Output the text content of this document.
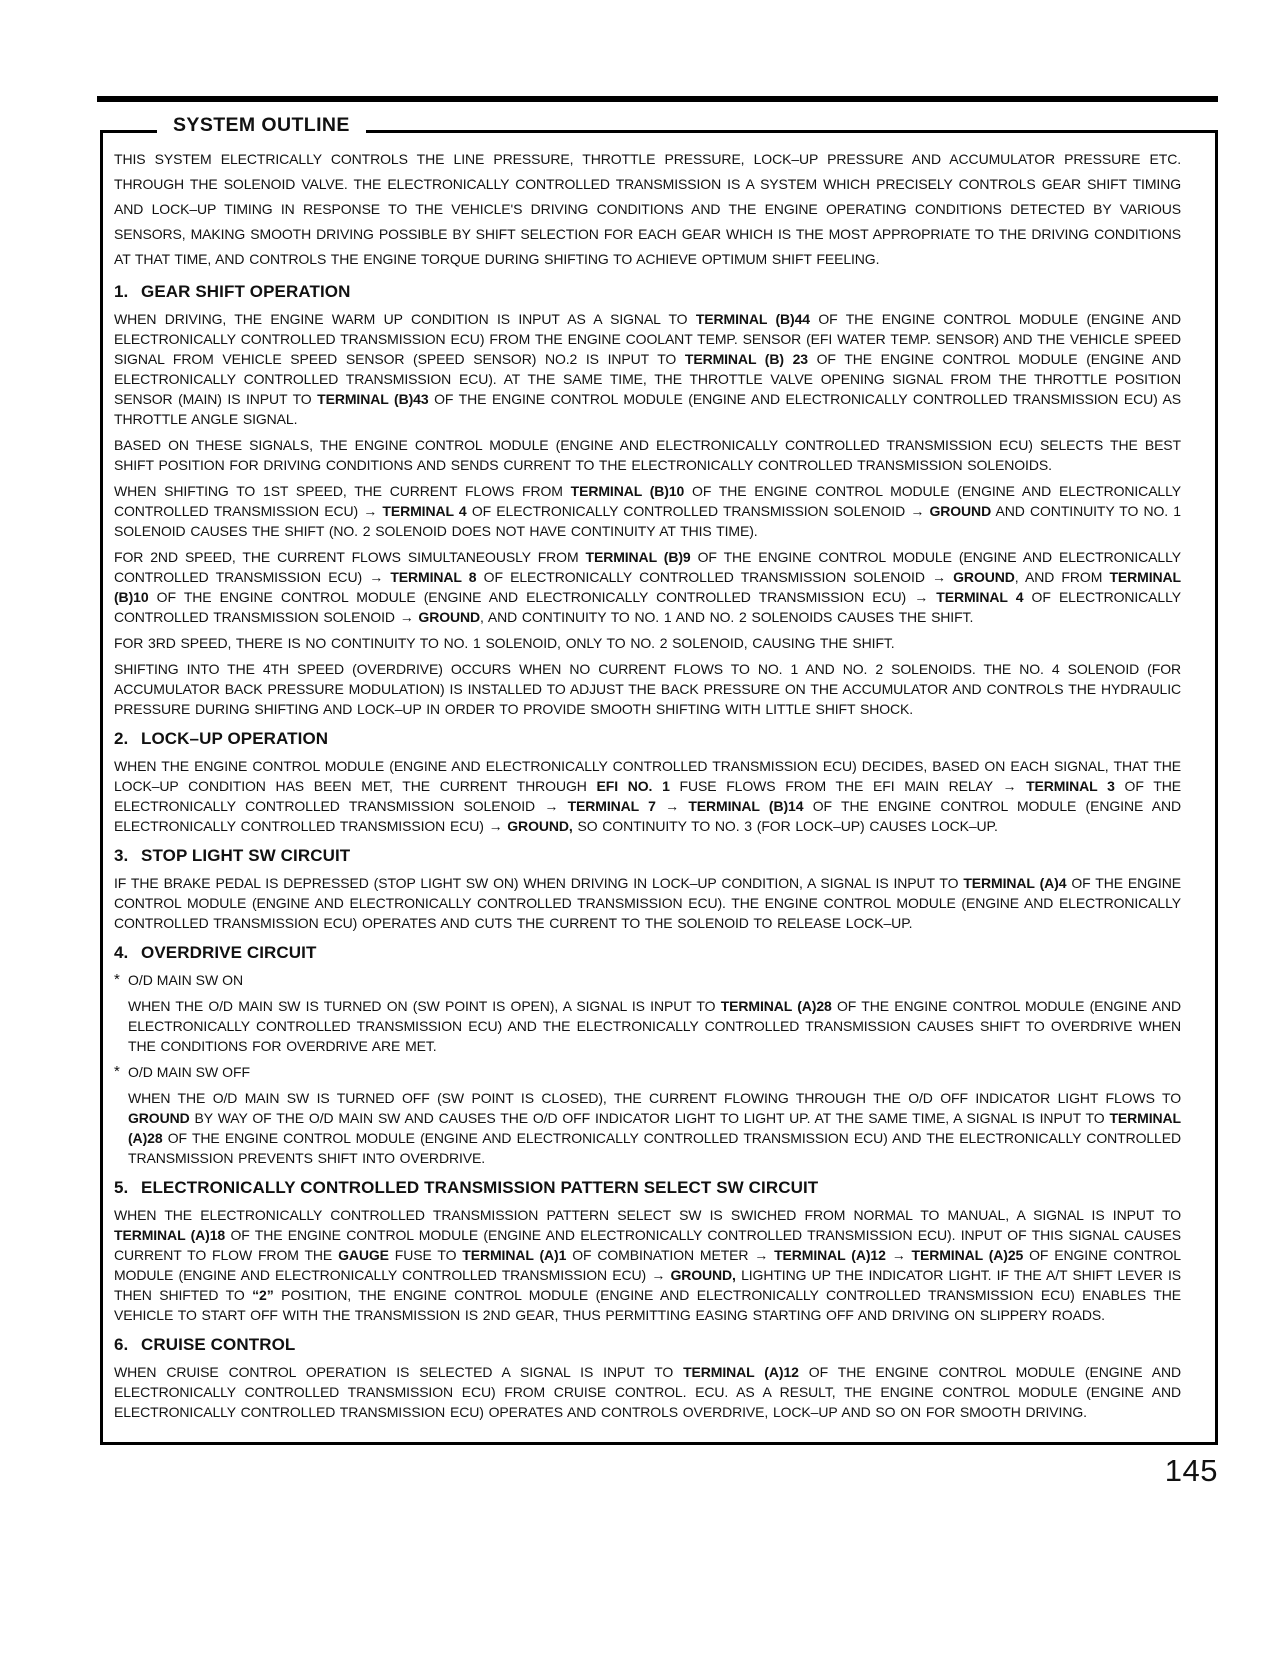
SYSTEM OUTLINE
THIS SYSTEM ELECTRICALLY CONTROLS THE LINE PRESSURE, THROTTLE PRESSURE, LOCK–UP PRESSURE AND ACCUMULATOR PRESSURE ETC. THROUGH THE SOLENOID VALVE. THE ELECTRONICALLY CONTROLLED TRANSMISSION IS A SYSTEM WHICH PRECISELY CONTROLS GEAR SHIFT TIMING AND LOCK–UP TIMING IN RESPONSE TO THE VEHICLE'S DRIVING CONDITIONS AND THE ENGINE OPERATING CONDITIONS DETECTED BY VARIOUS SENSORS, MAKING SMOOTH DRIVING POSSIBLE BY SHIFT SELECTION FOR EACH GEAR WHICH IS THE MOST APPROPRIATE TO THE DRIVING CONDITIONS AT THAT TIME, AND CONTROLS THE ENGINE TORQUE DURING SHIFTING TO ACHIEVE OPTIMUM SHIFT FEELING.
1. GEAR SHIFT OPERATION
WHEN DRIVING, THE ENGINE WARM UP CONDITION IS INPUT AS A SIGNAL TO TERMINAL (B)44 OF THE ENGINE CONTROL MODULE (ENGINE AND ELECTRONICALLY CONTROLLED TRANSMISSION ECU) FROM THE ENGINE COOLANT TEMP. SENSOR (EFI WATER TEMP. SENSOR) AND THE VEHICLE SPEED SIGNAL FROM VEHICLE SPEED SENSOR (SPEED SENSOR) NO.2 IS INPUT TO TERMINAL (B) 23 OF THE ENGINE CONTROL MODULE (ENGINE AND ELECTRONICALLY CONTROLLED TRANSMISSION ECU). AT THE SAME TIME, THE THROTTLE VALVE OPENING SIGNAL FROM THE THROTTLE POSITION SENSOR (MAIN) IS INPUT TO TERMINAL (B)43 OF THE ENGINE CONTROL MODULE (ENGINE AND ELECTRONICALLY CONTROLLED TRANSMISSION ECU) AS THROTTLE ANGLE SIGNAL.
BASED ON THESE SIGNALS, THE ENGINE CONTROL MODULE (ENGINE AND ELECTRONICALLY CONTROLLED TRANSMISSION ECU) SELECTS THE BEST SHIFT POSITION FOR DRIVING CONDITIONS AND SENDS CURRENT TO THE ELECTRONICALLY CONTROLLED TRANSMISSION SOLENOIDS.
WHEN SHIFTING TO 1ST SPEED, THE CURRENT FLOWS FROM TERMINAL (B)10 OF THE ENGINE CONTROL MODULE (ENGINE AND ELECTRONICALLY CONTROLLED TRANSMISSION ECU) → TERMINAL 4 OF ELECTRONICALLY CONTROLLED TRANSMISSION SOLENOID → GROUND AND CONTINUITY TO NO. 1 SOLENOID CAUSES THE SHIFT (NO. 2 SOLENOID DOES NOT HAVE CONTINUITY AT THIS TIME).
FOR 2ND SPEED, THE CURRENT FLOWS SIMULTANEOUSLY FROM TERMINAL (B)9 OF THE ENGINE CONTROL MODULE (ENGINE AND ELECTRONICALLY CONTROLLED TRANSMISSION ECU) → TERMINAL 8 OF ELECTRONICALLY CONTROLLED TRANSMISSION SOLENOID → GROUND, AND FROM TERMINAL (B)10 OF THE ENGINE CONTROL MODULE (ENGINE AND ELECTRONICALLY CONTROLLED TRANSMISSION ECU) → TERMINAL 4 OF ELECTRONICALLY CONTROLLED TRANSMISSION SOLENOID → GROUND, AND CONTINUITY TO NO. 1 AND NO. 2 SOLENOIDS CAUSES THE SHIFT.
FOR 3RD SPEED, THERE IS NO CONTINUITY TO NO. 1 SOLENOID, ONLY TO NO. 2 SOLENOID, CAUSING THE SHIFT.
SHIFTING INTO THE 4TH SPEED (OVERDRIVE) OCCURS WHEN NO CURRENT FLOWS TO NO. 1 AND NO. 2 SOLENOIDS. THE NO. 4 SOLENOID (FOR ACCUMULATOR BACK PRESSURE MODULATION) IS INSTALLED TO ADJUST THE BACK PRESSURE ON THE ACCUMULATOR AND CONTROLS THE HYDRAULIC PRESSURE DURING SHIFTING AND LOCK–UP IN ORDER TO PROVIDE SMOOTH SHIFTING WITH LITTLE SHIFT SHOCK.
2. LOCK–UP OPERATION
WHEN THE ENGINE CONTROL MODULE (ENGINE AND ELECTRONICALLY CONTROLLED TRANSMISSION ECU) DECIDES, BASED ON EACH SIGNAL, THAT THE LOCK–UP CONDITION HAS BEEN MET, THE CURRENT THROUGH EFI NO. 1 FUSE FLOWS FROM THE EFI MAIN RELAY → TERMINAL 3 OF THE ELECTRONICALLY CONTROLLED TRANSMISSION SOLENOID → TERMINAL 7 → TERMINAL (B)14 OF THE ENGINE CONTROL MODULE (ENGINE AND ELECTRONICALLY CONTROLLED TRANSMISSION ECU) → GROUND, SO CONTINUITY TO NO. 3 (FOR LOCK–UP) CAUSES LOCK–UP.
3. STOP LIGHT SW CIRCUIT
IF THE BRAKE PEDAL IS DEPRESSED (STOP LIGHT SW ON) WHEN DRIVING IN LOCK–UP CONDITION, A SIGNAL IS INPUT TO TERMINAL (A)4 OF THE ENGINE CONTROL MODULE (ENGINE AND ELECTRONICALLY CONTROLLED TRANSMISSION ECU). THE ENGINE CONTROL MODULE (ENGINE AND ELECTRONICALLY CONTROLLED TRANSMISSION ECU) OPERATES AND CUTS THE CURRENT TO THE SOLENOID TO RELEASE LOCK–UP.
4. OVERDRIVE CIRCUIT
* O/D MAIN SW ON
WHEN THE O/D MAIN SW IS TURNED ON (SW POINT IS OPEN), A SIGNAL IS INPUT TO TERMINAL (A)28 OF THE ENGINE CONTROL MODULE (ENGINE AND ELECTRONICALLY CONTROLLED TRANSMISSION ECU) AND THE ELECTRONICALLY CONTROLLED TRANSMISSION CAUSES SHIFT TO OVERDRIVE WHEN THE CONDITIONS FOR OVERDRIVE ARE MET.
* O/D MAIN SW OFF
WHEN THE O/D MAIN SW IS TURNED OFF (SW POINT IS CLOSED), THE CURRENT FLOWING THROUGH THE O/D OFF INDICATOR LIGHT FLOWS TO GROUND BY WAY OF THE O/D MAIN SW AND CAUSES THE O/D OFF INDICATOR LIGHT TO LIGHT UP. AT THE SAME TIME, A SIGNAL IS INPUT TO TERMINAL (A)28 OF THE ENGINE CONTROL MODULE (ENGINE AND ELECTRONICALLY CONTROLLED TRANSMISSION ECU) AND THE ELECTRONICALLY CONTROLLED TRANSMISSION PREVENTS SHIFT INTO OVERDRIVE.
5. ELECTRONICALLY CONTROLLED TRANSMISSION PATTERN SELECT SW CIRCUIT
WHEN THE ELECTRONICALLY CONTROLLED TRANSMISSION PATTERN SELECT SW IS SWICHED FROM NORMAL TO MANUAL, A SIGNAL IS INPUT TO TERMINAL (A)18 OF THE ENGINE CONTROL MODULE (ENGINE AND ELECTRONICALLY CONTROLLED TRANSMISSION ECU). INPUT OF THIS SIGNAL CAUSES CURRENT TO FLOW FROM THE GAUGE FUSE TO TERMINAL (A)1 OF COMBINATION METER → TERMINAL (A)12 → TERMINAL (A)25 OF ENGINE CONTROL MODULE (ENGINE AND ELECTRONICALLY CONTROLLED TRANSMISSION ECU) → GROUND, LIGHTING UP THE INDICATOR LIGHT. IF THE A/T SHIFT LEVER IS THEN SHIFTED TO “2” POSITION, THE ENGINE CONTROL MODULE (ENGINE AND ELECTRONICALLY CONTROLLED TRANSMISSION ECU) ENABLES THE VEHICLE TO START OFF WITH THE TRANSMISSION IS 2ND GEAR, THUS PERMITTING EASING STARTING OFF AND DRIVING ON SLIPPERY ROADS.
6. CRUISE CONTROL
WHEN CRUISE CONTROL OPERATION IS SELECTED A SIGNAL IS INPUT TO TERMINAL (A)12 OF THE ENGINE CONTROL MODULE (ENGINE AND ELECTRONICALLY CONTROLLED TRANSMISSION ECU) FROM CRUISE CONTROL. ECU. AS A RESULT, THE ENGINE CONTROL MODULE (ENGINE AND ELECTRONICALLY CONTROLLED TRANSMISSION ECU) OPERATES AND CONTROLS OVERDRIVE, LOCK–UP AND SO ON FOR SMOOTH DRIVING.
145
